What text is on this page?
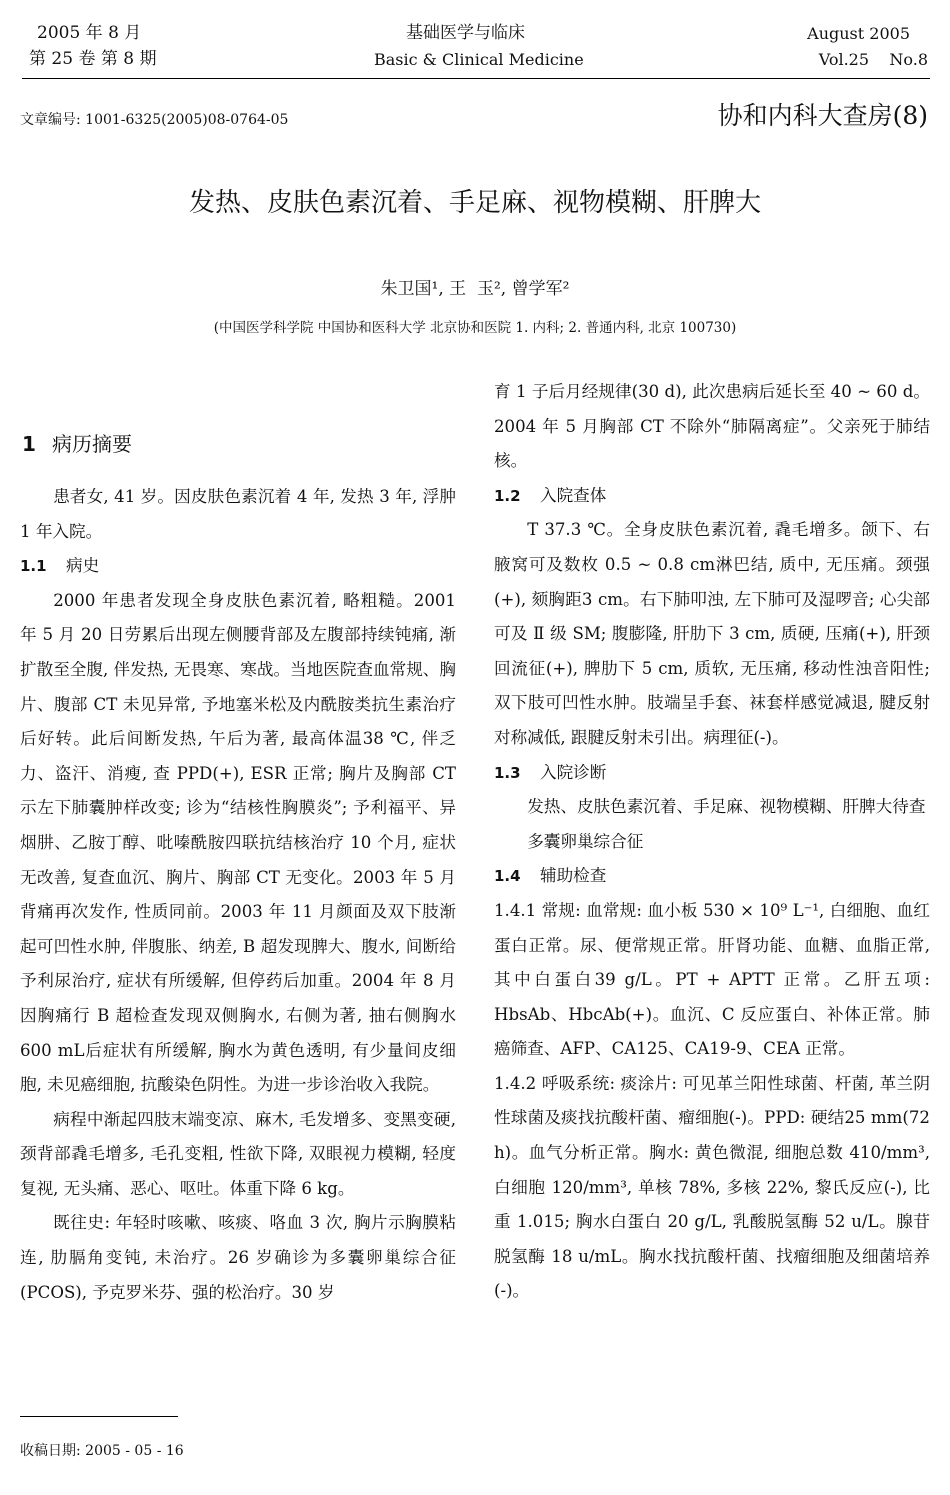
2005 年 8 月
第 25 卷 第 8 期
基础医学与临床
Basic & Clinical Medicine
August 2005
Vol.25    No.8
文章编号: 1001-6325(2005)08-0764-05	协和内科大查房(8)
发热、皮肤色素沉着、手足麻、视物模糊、肝脾大
朱卫国¹, 王  玉², 曾学军²
(中国医学科学院 中国协和医科大学 北京协和医院 1. 内科; 2. 普通内科, 北京 100730)
1 病历摘要

患者女, 41 岁。因皮肤色素沉着 4 年, 发热 3 年, 浮肿 1 年入院。

1.1 病史

2000 年患者发现全身皮肤色素沉着, 略粗糙。2001 年 5 月 20 日劳累后出现左侧腰背部及左腹部持续钝痛, 渐扩散至全腹, 伴发热, 无畏寒、寒战。当地医院查血常规、胸片、腹部 CT 未见异常, 予地塞米松及内酰胺类抗生素治疗后好转。此后间断发热, 午后为著, 最高体温38 ℃, 伴乏力、盗汗、消瘦, 查 PPD(+), ESR 正常; 胸片及胸部 CT 示左下肺囊肿样改变; 诊为“结核性胸膜炎”; 予利福平、异烟肼、乙胺丁醇、吡嗪酰胺四联抗结核治疗 10 个月, 症状无改善, 复查血沉、胸片、胸部 CT 无变化。2003 年 5 月背痛再次发作, 性质同前。2003 年 11 月颜面及双下肢渐起可凹性水肿, 伴腹胀、纳差, B 超发现脾大、腹水, 间断给予利尿治疗, 症状有所缓解, 但停药后加重。2004 年 8 月因胸痛行 B 超检查发现双侧胸水, 右侧为著, 抽右侧胸水600 mL后症状有所缓解, 胸水为黄色透明, 有少量间皮细胞, 未见癌细胞, 抗酸染色阴性。为进一步诊治收入我院。

病程中渐起四肢末端变凉、麻木, 毛发增多、变黑变硬, 颈背部毳毛增多, 毛孔变粗, 性欲下降, 双眼视力模糊, 轻度复视, 无头痛、恶心、呕吐。体重下降 6 kg。

既往史: 年轻时咳嗽、咳痰、咯血 3 次, 胸片示胸膜粘连, 肋膈角变钝, 未治疗。26 岁确诊为多囊卵巢综合征(PCOS), 予克罗米芬、强的松治疗。30 岁

育 1 子后月经规律(30 d), 此次患病后延长至 40 ~ 60 d。2004 年 5 月胸部 CT 不除外“肺隔离症”。父亲死于肺结核。

1.2 入院查体

T 37.3 ℃。全身皮肤色素沉着, 毳毛增多。颌下、右腋窝可及数枚 0.5 ~ 0.8 cm淋巴结, 质中, 无压痛。颈强(+), 颏胸距3 cm。右下肺叩浊, 左下肺可及湿啰音; 心尖部可及 Ⅱ 级 SM; 腹膨隆, 肝肋下 3 cm, 质硬, 压痛(+), 肝颈回流征(+), 脾肋下 5 cm, 质软, 无压痛, 移动性浊音阳性; 双下肢可凹性水肿。肢端呈手套、袜套样感觉减退, 腱反射对称减低, 跟腱反射未引出。病理征(-)。

1.3 入院诊断

发热、皮肤色素沉着、手足麻、视物模糊、肝脾大待查

多囊卵巢综合征

1.4 辅助检查

1.4.1 常规: 血常规: 血小板 530 × 10⁹ L⁻¹, 白细胞、血红蛋白正常。尿、便常规正常。肝肾功能、血糖、血脂正常, 其中白蛋白39 g/L。PT + APTT 正常。乙肝五项: HbsAb、HbcAb(+)。血沉、C 反应蛋白、补体正常。肺癌筛查、AFP、CA125、CA19-9、CEA 正常。

1.4.2 呼吸系统: 痰涂片: 可见革兰阳性球菌、杆菌, 革兰阴性球菌及痰找抗酸杆菌、瘤细胞(-)。PPD: 硬结25 mm(72 h)。血气分析正常。胸水: 黄色微混, 细胞总数 410/mm³, 白细胞 120/mm³, 单核 78%, 多核 22%, 黎氏反应(-), 比重 1.015; 胸水白蛋白 20 g/L, 乳酸脱氢酶 52 u/L。腺苷脱氢酶 18 u/mL。胸水找抗酸杆菌、找瘤细胞及细菌培养(-)。

收稿日期: 2005 - 05 - 16
